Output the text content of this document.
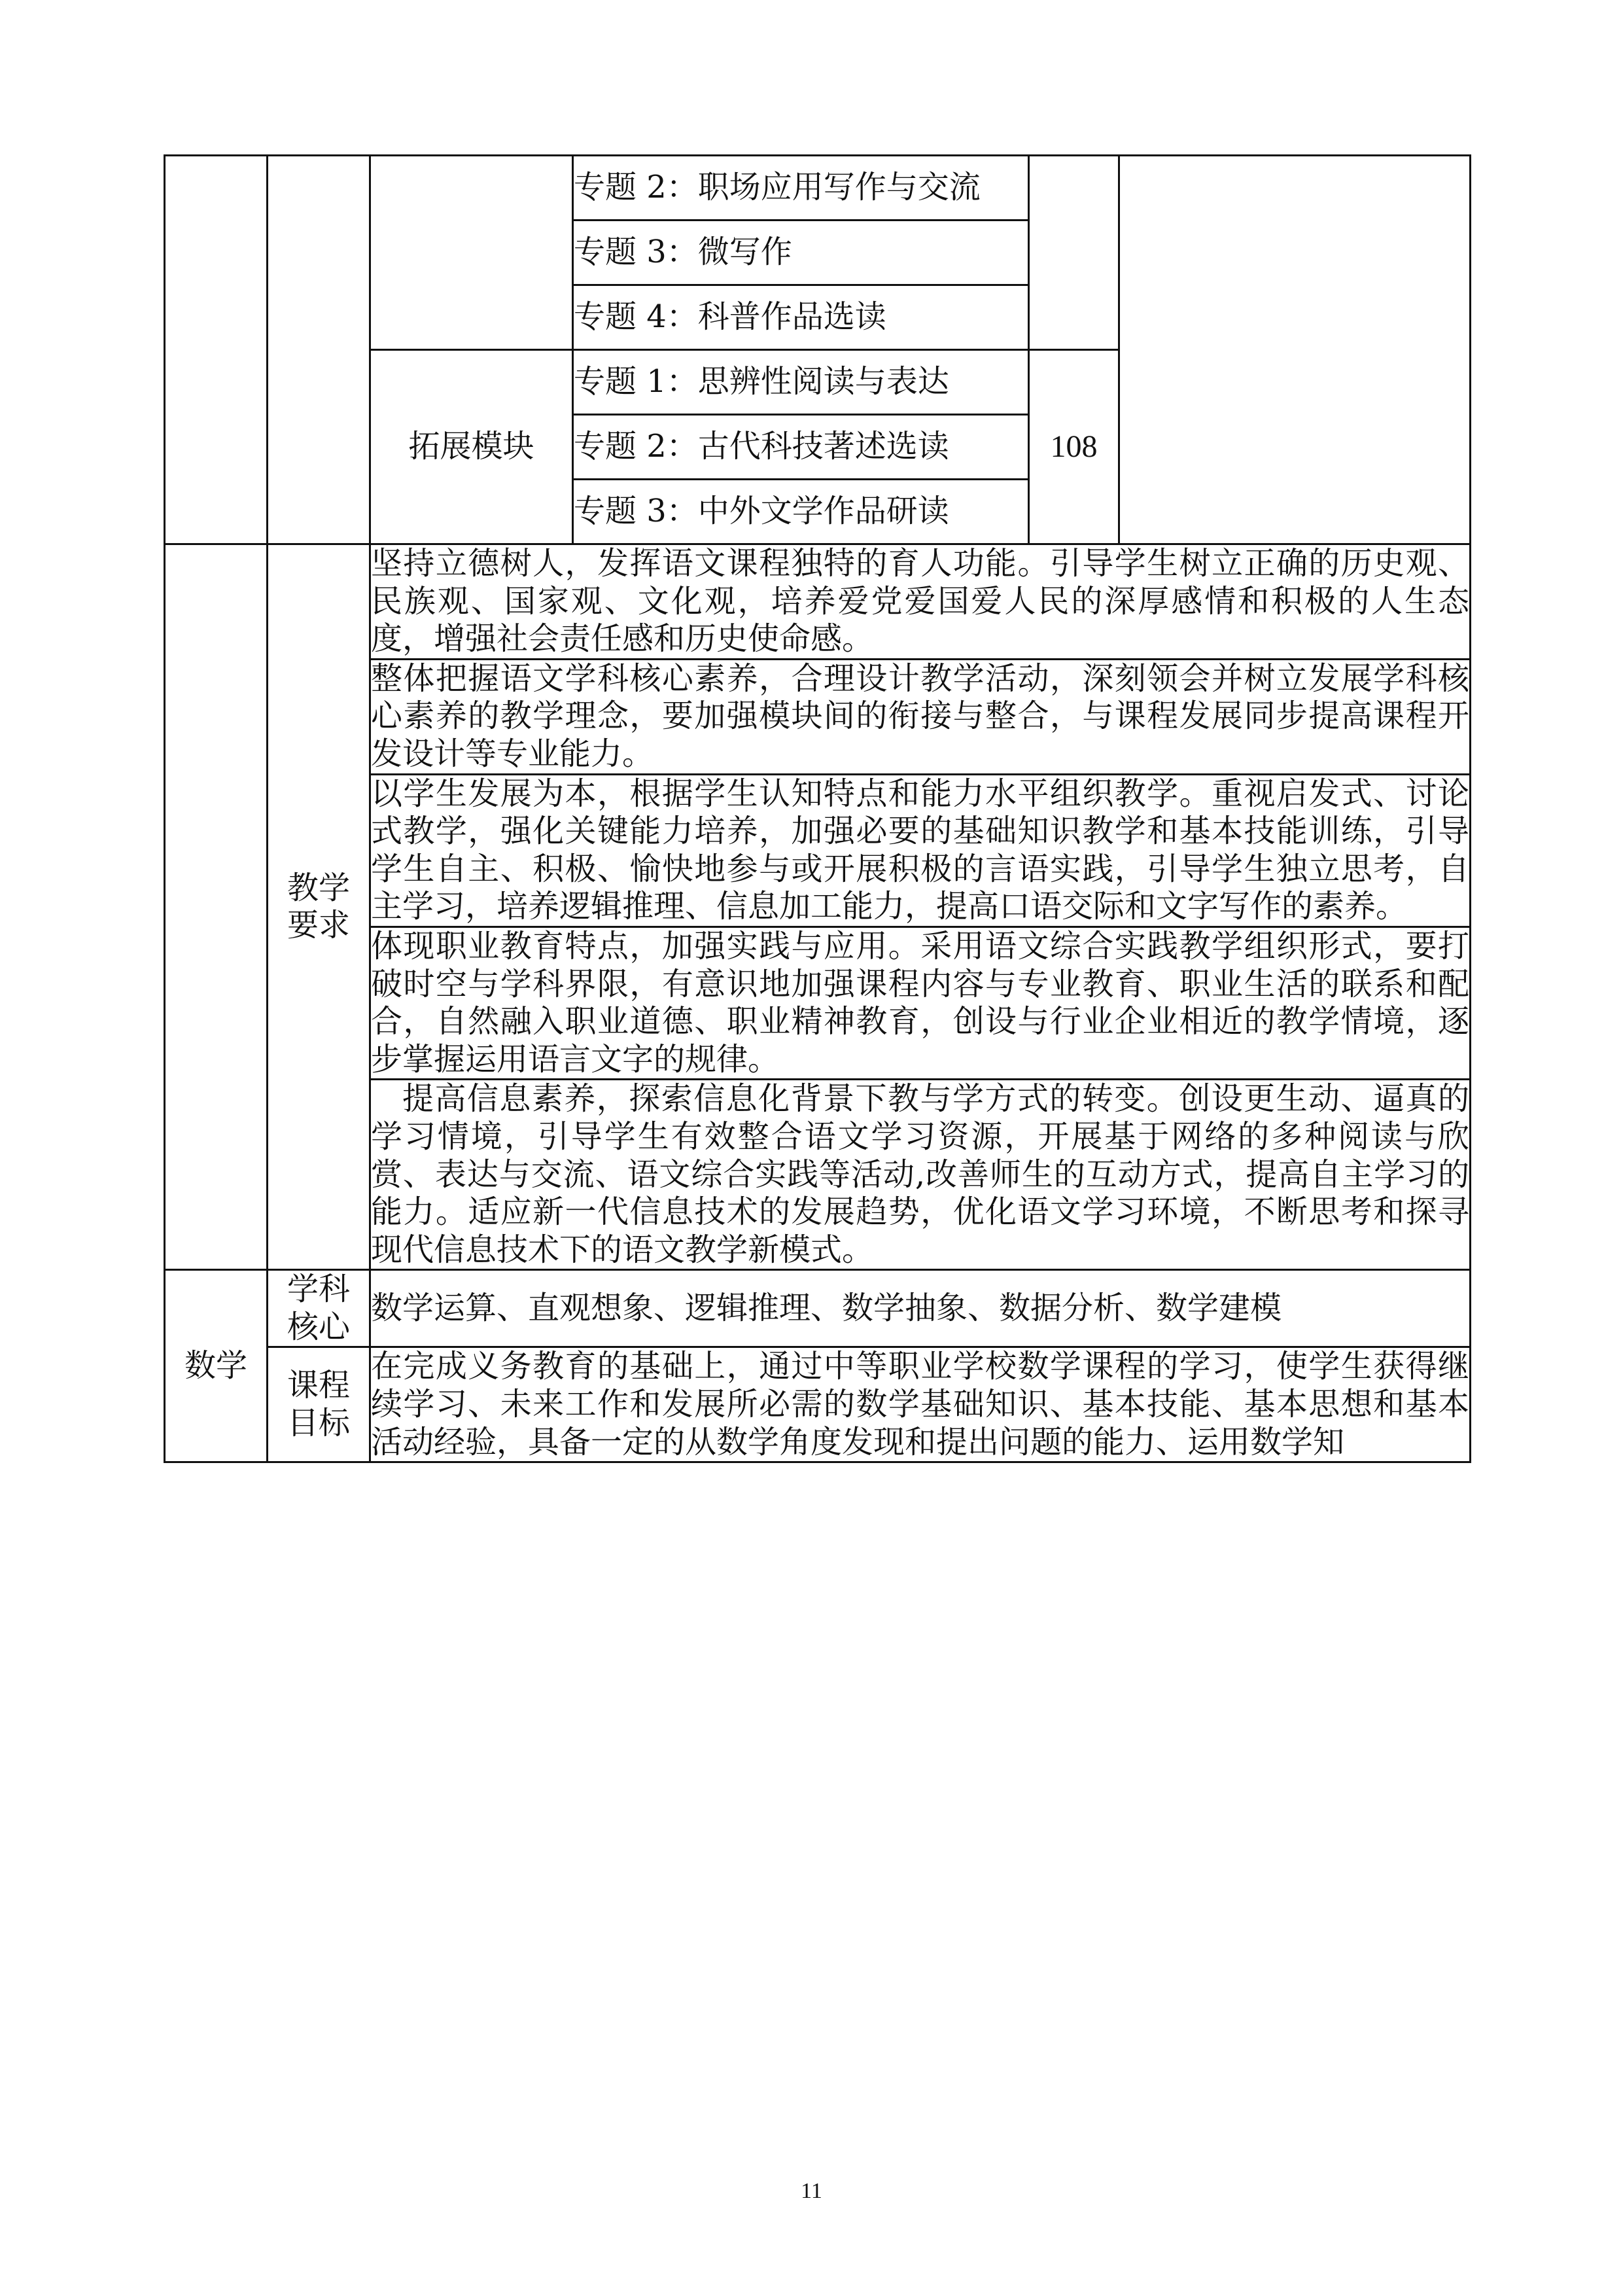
			专题 2：职场应用写作与交流		
			专题 3：微写作		
			专题 4：科普作品选读		
		拓展模块	专题 1：思辨性阅读与表达	108	
			专题 2：古代科技著述选读		
			专题 3：中外文学作品研读		
	教学要求	坚持立德树人，发挥语文课程独特的育人功能。引导学生树立正确的历史观、民族观、国家观、文化观，培养爱党爱国爱人民的深厚感情和积极的人生态度，增强社会责任感和历史使命感。			
		整体把握语文学科核心素养，合理设计教学活动，深刻领会并树立发展学科核心素养的教学理念，要加强模块间的衔接与整合，与课程发展同步提高课程开发设计等专业能力。			
		以学生发展为本，根据学生认知特点和能力水平组织教学。重视启发式、讨论式教学，强化关键能力培养，加强必要的基础知识教学和基本技能训练，引导学生自主、积极、愉快地参与或开展积极的言语实践，引导学生独立思考，自主学习，培养逻辑推理、信息加工能力，提高口语交际和文字写作的素养。			
		体现职业教育特点，加强实践与应用。采用语文综合实践教学组织形式，要打破时空与学科界限，有意识地加强课程内容与专业教育、职业生活的联系和配合，自然融入职业道德、职业精神教育，创设与行业企业相近的教学情境，逐步掌握运用语言文字的规律。			
		提高信息素养，探索信息化背景下教与学方式的转变。创设更生动、逼真的学习情境，引导学生有效整合语文学习资源，开展基于网络的多种阅读与欣赏、表达与交流、语文综合实践等活动,改善师生的互动方式，提高自主学习的能力。适应新一代信息技术的发展趋势，优化语文学习环境，不断思考和探寻现代信息技术下的语文教学新模式。			
数学	学科核心	数学运算、直观想象、逻辑推理、数学抽象、数据分析、数学建模			
	课程目标	在完成义务教育的基础上，通过中等职业学校数学课程的学习，使学生获得继续学习、未来工作和发展所必需的数学基础知识、基本技能、基本思想和基本活动经验，具备一定的从数学角度发现和提出问题的能力、运用数学知			
11
